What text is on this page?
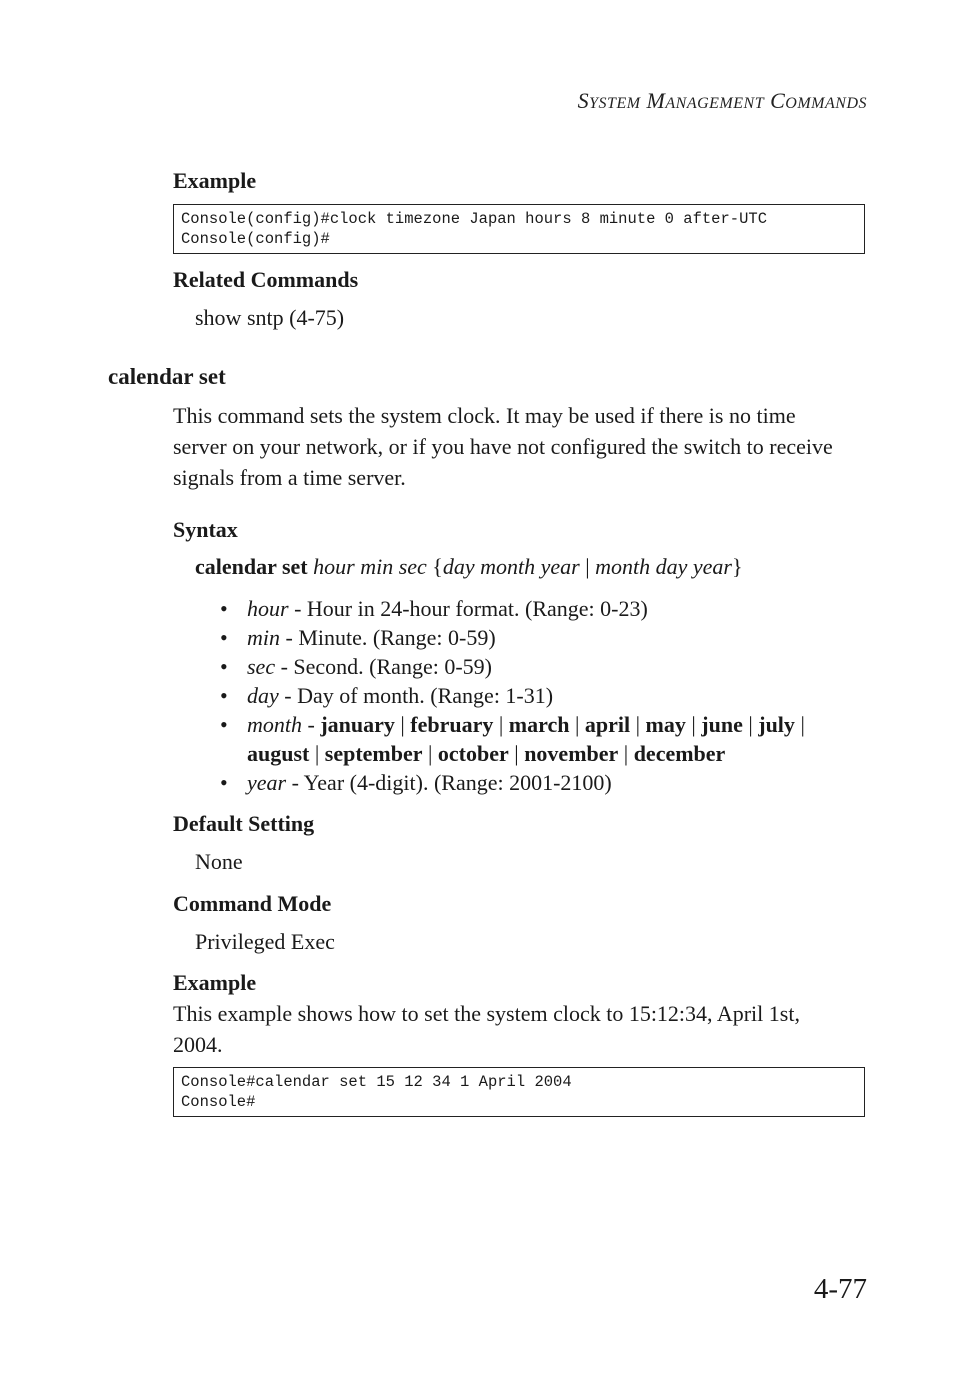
SYSTEM MANAGEMENT COMMANDS
Example
Console(config)#clock timezone Japan hours 8 minute 0 after-UTC
Console(config)#
Related Commands
show sntp (4-75)
calendar set
This command sets the system clock. It may be used if there is no time
server on your network, or if you have not configured the switch to receive
signals from a time server.
Syntax
calendar set hour min sec {day month year | month day year}
• hour - Hour in 24-hour format. (Range: 0-23)
• min - Minute. (Range: 0-59)
• sec - Second. (Range: 0-59)
• day - Day of month. (Range: 1-31)
• month - january | february | march | april | may | june | july |
august | september | october | november | december
• year - Year (4-digit). (Range: 2001-2100)
Default Setting
None
Command Mode
Privileged Exec
Example
This example shows how to set the system clock to 15:12:34, April 1st,
2004.
Console#calendar set 15 12 34 1 April 2004
Console#
4-77
